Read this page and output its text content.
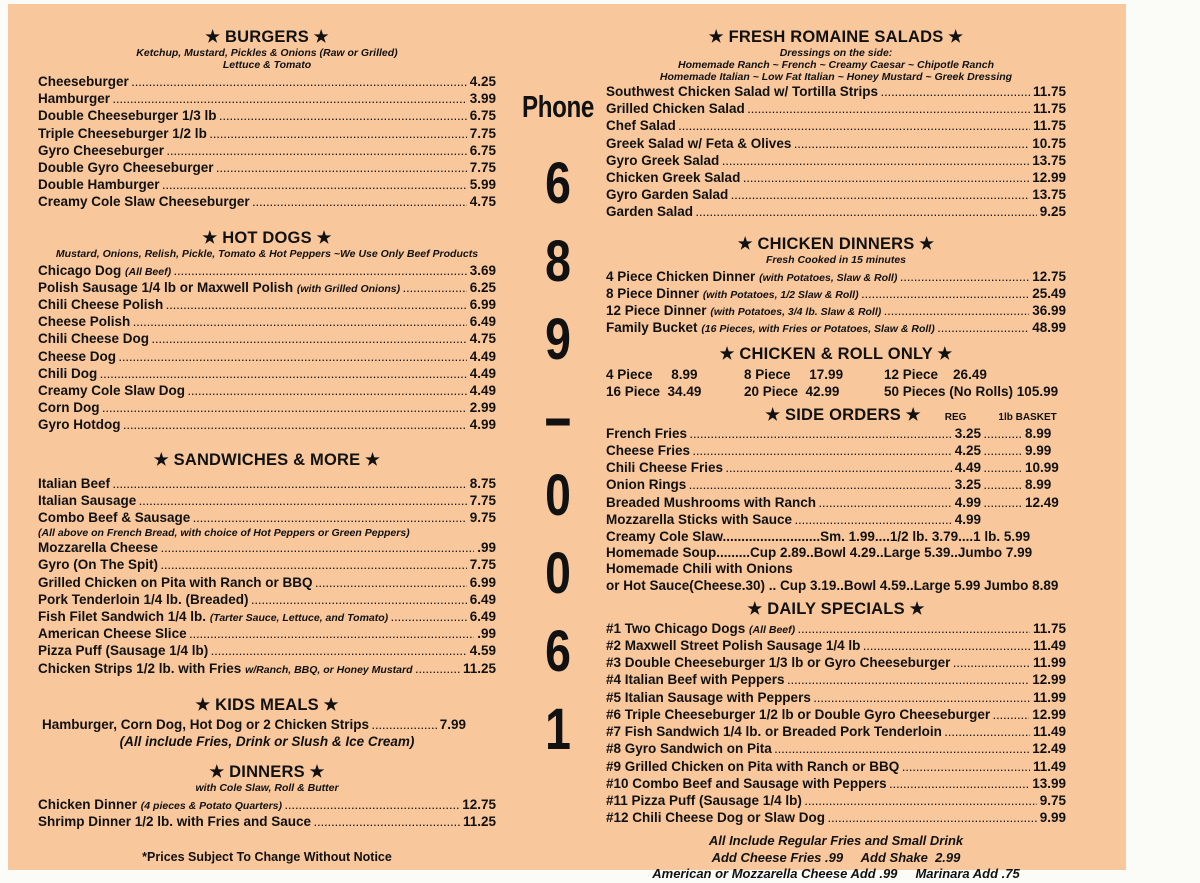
★ BURGERS ★
Ketchup, Mustard, Pickles & Onions (Raw or Grilled)
Lettuce & Tomato
Cheeseburger .....	4.25
Hamburger .....	3.99
Double Cheeseburger 1/3 lb .....	6.75
Triple Cheeseburger 1/2 lb .....	7.75
Gyro Cheeseburger .....	6.75
Double Gyro Cheeseburger .....	7.75
Double Hamburger .....	5.99
Creamy Cole Slaw Cheeseburger .....	4.75
★ HOT DOGS ★
Mustard, Onions, Relish, Pickle, Tomato & Hot Peppers ~We Use Only Beef Products
Chicago Dog (All Beef) .....	3.69
Polish Sausage 1/4 lb or Maxwell Polish (with Grilled Onions) .....	6.25
Chili Cheese Polish .....	6.99
Cheese Polish .....	6.49
Chili Cheese Dog .....	4.75
Cheese Dog .....	4.49
Chili Dog .....	4.49
Creamy Cole Slaw Dog .....	4.49
Corn Dog .....	2.99
Gyro Hotdog .....	4.99
★ SANDWICHES & MORE ★
Italian Beef .....	8.75
Italian Sausage .....	7.75
Combo Beef & Sausage .....	9.75
(All above on French Bread, with choice of Hot Peppers or Green Peppers)
Mozzarella Cheese .....	.99
Gyro (On The Spit) .....	7.75
Grilled Chicken on Pita with Ranch or BBQ .....	6.99
Pork Tenderloin 1/4 lb. (Breaded) .....	6.49
Fish Filet Sandwich 1/4 lb. (Tarter Sauce, Lettuce, and Tomato) .....	6.49
American Cheese Slice .....	.99
Pizza Puff (Sausage 1/4 lb) .....	4.59
Chicken Strips 1/2 lb. with Fries w/Ranch, BBQ, or Honey Mustard .....	11.25
★ KIDS MEALS ★
Hamburger, Corn Dog, Hot Dog or 2 Chicken Strips .....	7.99
(All include Fries, Drink or Slush & Ice Cream)
★ DINNERS ★
with Cole Slaw, Roll & Butter
Chicken Dinner (4 pieces & Potato Quarters) .....	12.75
Shrimp Dinner 1/2 lb. with Fries and Sauce .....	11.25
*Prices Subject To Change Without Notice
Phone
6
8
9
-
0
0
6
1
★ FRESH ROMAINE SALADS ★
Dressings on the side:
Homemade Ranch ~ French ~ Creamy Caesar ~ Chipotle Ranch
Homemade Italian ~ Low Fat Italian ~ Honey Mustard ~ Greek Dressing
Southwest Chicken Salad w/ Tortilla Strips .....	11.75
Grilled Chicken Salad .....	11.75
Chef Salad .....	11.75
Greek Salad w/ Feta & Olives .....	10.75
Gyro Greek Salad .....	13.75
Chicken Greek Salad .....	12.99
Gyro Garden Salad .....	13.75
Garden Salad .....	9.25
★ CHICKEN DINNERS ★
Fresh Cooked in 15 minutes
4 Piece Chicken Dinner (with Potatoes, Slaw & Roll) .....	12.75
8 Piece Dinner (with Potatoes, 1/2 Slaw & Roll) .....	25.49
12 Piece Dinner (with Potatoes, 3/4 lb. Slaw & Roll) .....	36.99
Family Bucket (16 Pieces, with Fries or Potatoes, Slaw & Roll) .....	48.99
★ CHICKEN & ROLL ONLY ★
4 Piece     8.99	8 Piece     17.99	12 Piece    26.49
16 Piece  34.49	20 Piece  42.99	50 Pieces (No Rolls) 105.99
★ SIDE ORDERS ★ REG	1lb BASKET
French Fries .....	3.25 .....	8.99
Cheese Fries .....	4.25 .....	9.99
Chili Cheese Fries .....	4.49 .....	10.99
Onion Rings .....	3.25 .....	8.99
Breaded Mushrooms with Ranch .....	4.99 .....	12.49
Mozzarella Sticks with Sauce .....	4.99
Creamy Cole Slaw..........................Sm. 1.99....1/2 lb. 3.79....1 lb. 5.99
Homemade Soup.........Cup 2.89..Bowl 4.29..Large 5.39..Jumbo 7.99
Homemade Chili with Onions
or Hot Sauce(Cheese.30) .. Cup 3.19..Bowl 4.59..Large 5.99 Jumbo 8.89
★ DAILY SPECIALS ★
#1 Two Chicago Dogs (All Beef) .....	11.75
#2 Maxwell Street Polish Sausage 1/4 lb .....	11.49
#3 Double Cheeseburger 1/3 lb or Gyro Cheeseburger .....	11.99
#4 Italian Beef with Peppers .....	12.99
#5 Italian Sausage with Peppers .....	11.99
#6 Triple Cheeseburger 1/2 lb or Double Gyro Cheeseburger .....	12.99
#7 Fish Sandwich 1/4 lb. or Breaded Pork Tenderloin .....	11.49
#8 Gyro Sandwich on Pita .....	12.49
#9 Grilled Chicken on Pita with Ranch or BBQ .....	11.49
#10 Combo Beef and Sausage with Peppers .....	13.99
#11 Pizza Puff (Sausage 1/4 lb) .....	9.75
#12 Chili Cheese Dog or Slaw Dog .....	9.99
All Include Regular Fries and Small Drink
Add Cheese Fries .99     Add Shake  2.99
American or Mozzarella Cheese Add .99     Marinara Add .75
